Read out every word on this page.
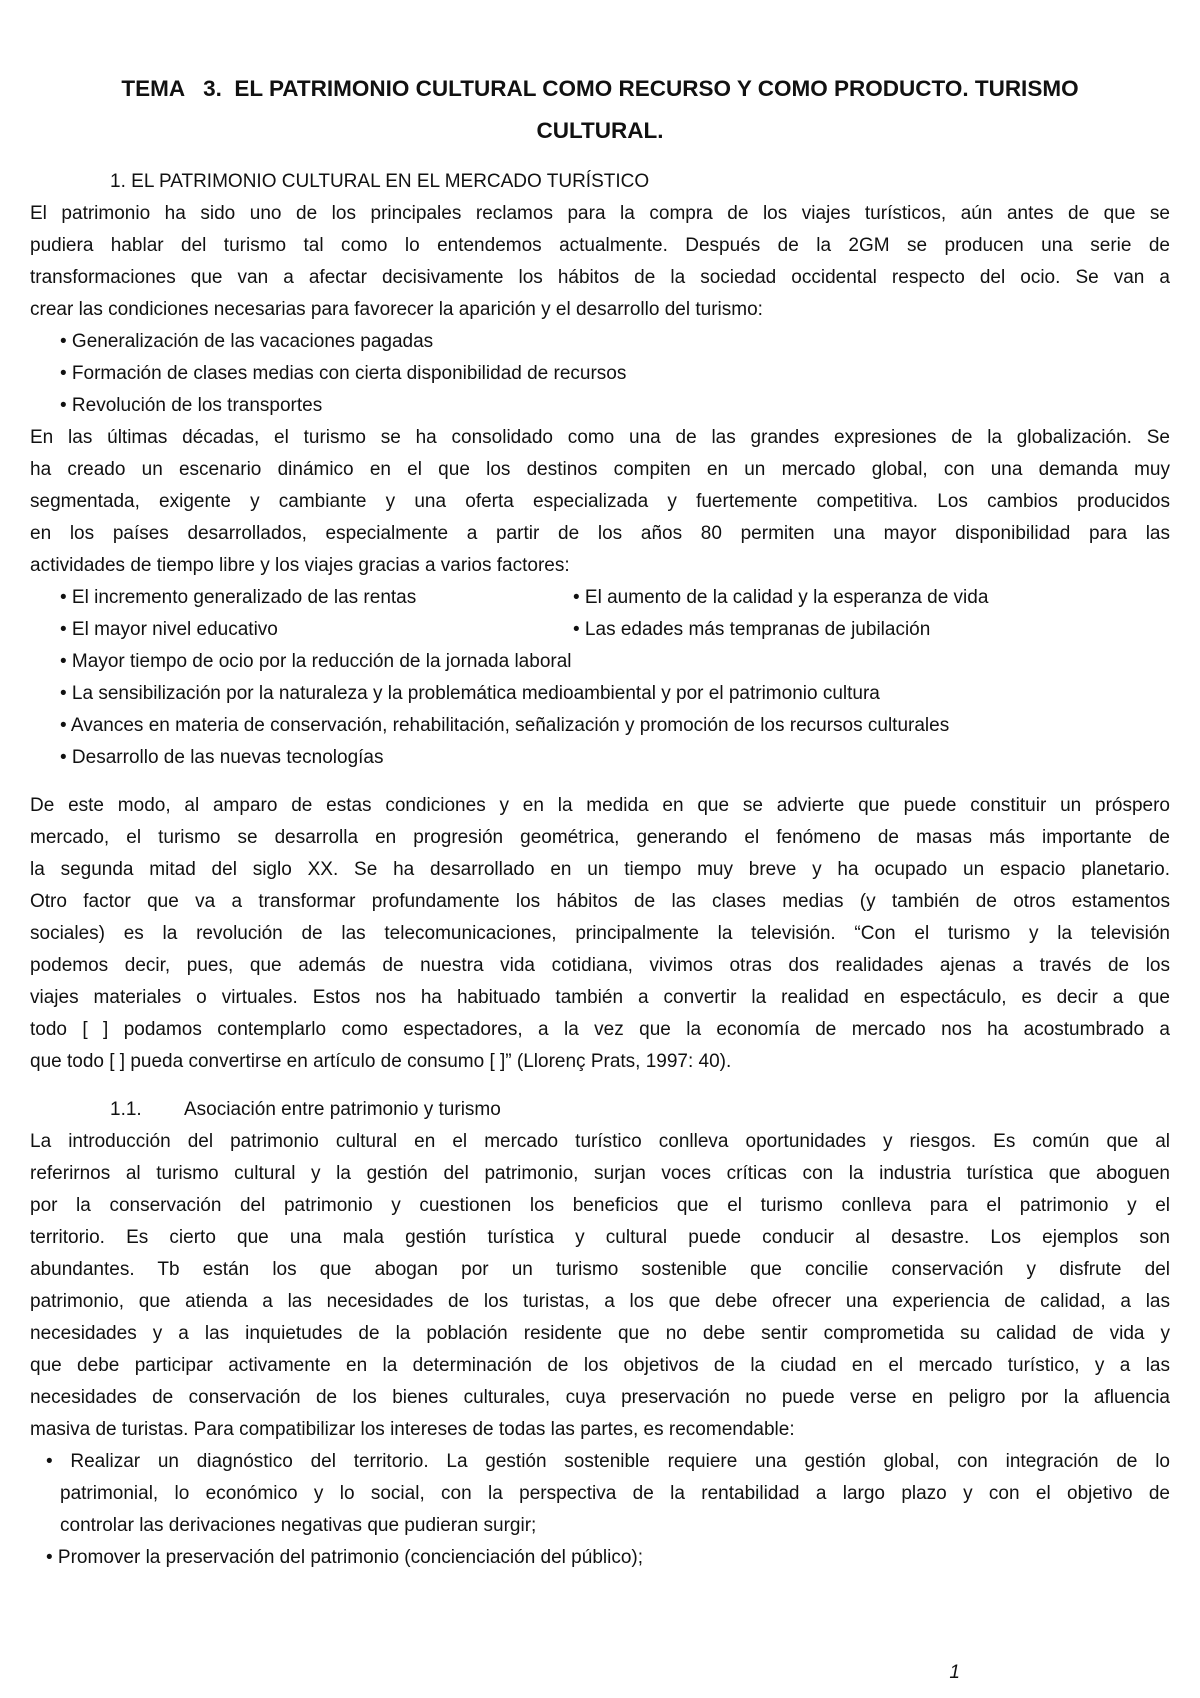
TEMA   3. EL PATRIMONIO CULTURAL COMO RECURSO Y COMO PRODUCTO. TURISMO
CULTURAL.
1. EL PATRIMONIO CULTURAL EN EL MERCADO TURÍSTICO
El patrimonio ha sido uno de los principales reclamos para la compra de los viajes turísticos, aún antes de que se
pudiera hablar del turismo tal como lo entendemos actualmente. Después de la 2GM se producen una serie de
transformaciones que van a afectar decisivamente los hábitos de la sociedad occidental respecto del ocio. Se van a
crear las condiciones necesarias para favorecer la aparición y el desarrollo del turismo:
• Generalización de las vacaciones pagadas
• Formación de clases medias con cierta disponibilidad de recursos
• Revolución de los transportes
En las últimas décadas, el turismo se ha consolidado como una de las grandes expresiones de la globalización. Se
ha creado un escenario dinámico en el que los destinos compiten en un mercado global, con una demanda muy
segmentada, exigente y cambiante y una oferta especializada y fuertemente competitiva. Los cambios producidos
en los países desarrollados, especialmente a partir de los años 80 permiten una mayor disponibilidad para las
actividades de tiempo libre y los viajes gracias a varios factores:
• El incremento generalizado de las rentas	• El aumento de la calidad y la esperanza de vida
• El mayor nivel educativo	• Las edades más tempranas de jubilación
• Mayor tiempo de ocio por la reducción de la jornada laboral
• La sensibilización por la naturaleza y la problemática medioambiental y por el patrimonio cultura
• Avances en materia de conservación, rehabilitación, señalización y promoción de los recursos culturales
• Desarrollo de las nuevas tecnologías
De este modo, al amparo de estas condiciones y en la medida en que se advierte que puede constituir un próspero
mercado, el turismo se desarrolla en progresión geométrica, generando el fenómeno de masas más importante de
la segunda mitad del siglo XX. Se ha desarrollado en un tiempo muy breve y ha ocupado un espacio planetario.
Otro factor que va a transformar profundamente los hábitos de las clases medias (y también de otros estamentos
sociales) es la revolución de las telecomunicaciones, principalmente la televisión. “Con el turismo y la televisión
podemos decir, pues, que además de nuestra vida cotidiana, vivimos otras dos realidades ajenas a través de los
viajes materiales o virtuales. Estos nos ha habituado también a convertir la realidad en espectáculo, es decir a que
todo [ ] podamos contemplarlo como espectadores, a la vez que la economía de mercado nos ha acostumbrado a
que todo [ ] pueda convertirse en artículo de consumo [ ]” (Llorenç Prats, 1997: 40).
1.1. Asociación entre patrimonio y turismo
La introducción del patrimonio cultural en el mercado turístico conlleva oportunidades y riesgos. Es común que al
referirnos al turismo cultural y la gestión del patrimonio, surjan voces críticas con la industria turística que aboguen
por la conservación del patrimonio y cuestionen los beneficios que el turismo conlleva para el patrimonio y el
territorio. Es cierto que una mala gestión turística y cultural puede conducir al desastre. Los ejemplos son
abundantes. Tb están los que abogan por un turismo sostenible que concilie conservación y disfrute del
patrimonio, que atienda a las necesidades de los turistas, a los que debe ofrecer una experiencia de calidad, a las
necesidades y a las inquietudes de la población residente que no debe sentir comprometida su calidad de vida y
que debe participar activamente en la determinación de los objetivos de la ciudad en el mercado turístico, y a las
necesidades de conservación de los bienes culturales, cuya preservación no puede verse en peligro por la afluencia
masiva de turistas. Para compatibilizar los intereses de todas las partes, es recomendable:
• Realizar un diagnóstico del territorio. La gestión sostenible requiere una gestión global, con integración de lo
patrimonial, lo económico y lo social, con la perspectiva de la rentabilidad a largo plazo y con el objetivo de
controlar las derivaciones negativas que pudieran surgir;
• Promover la preservación del patrimonio (concienciación del público);
1
